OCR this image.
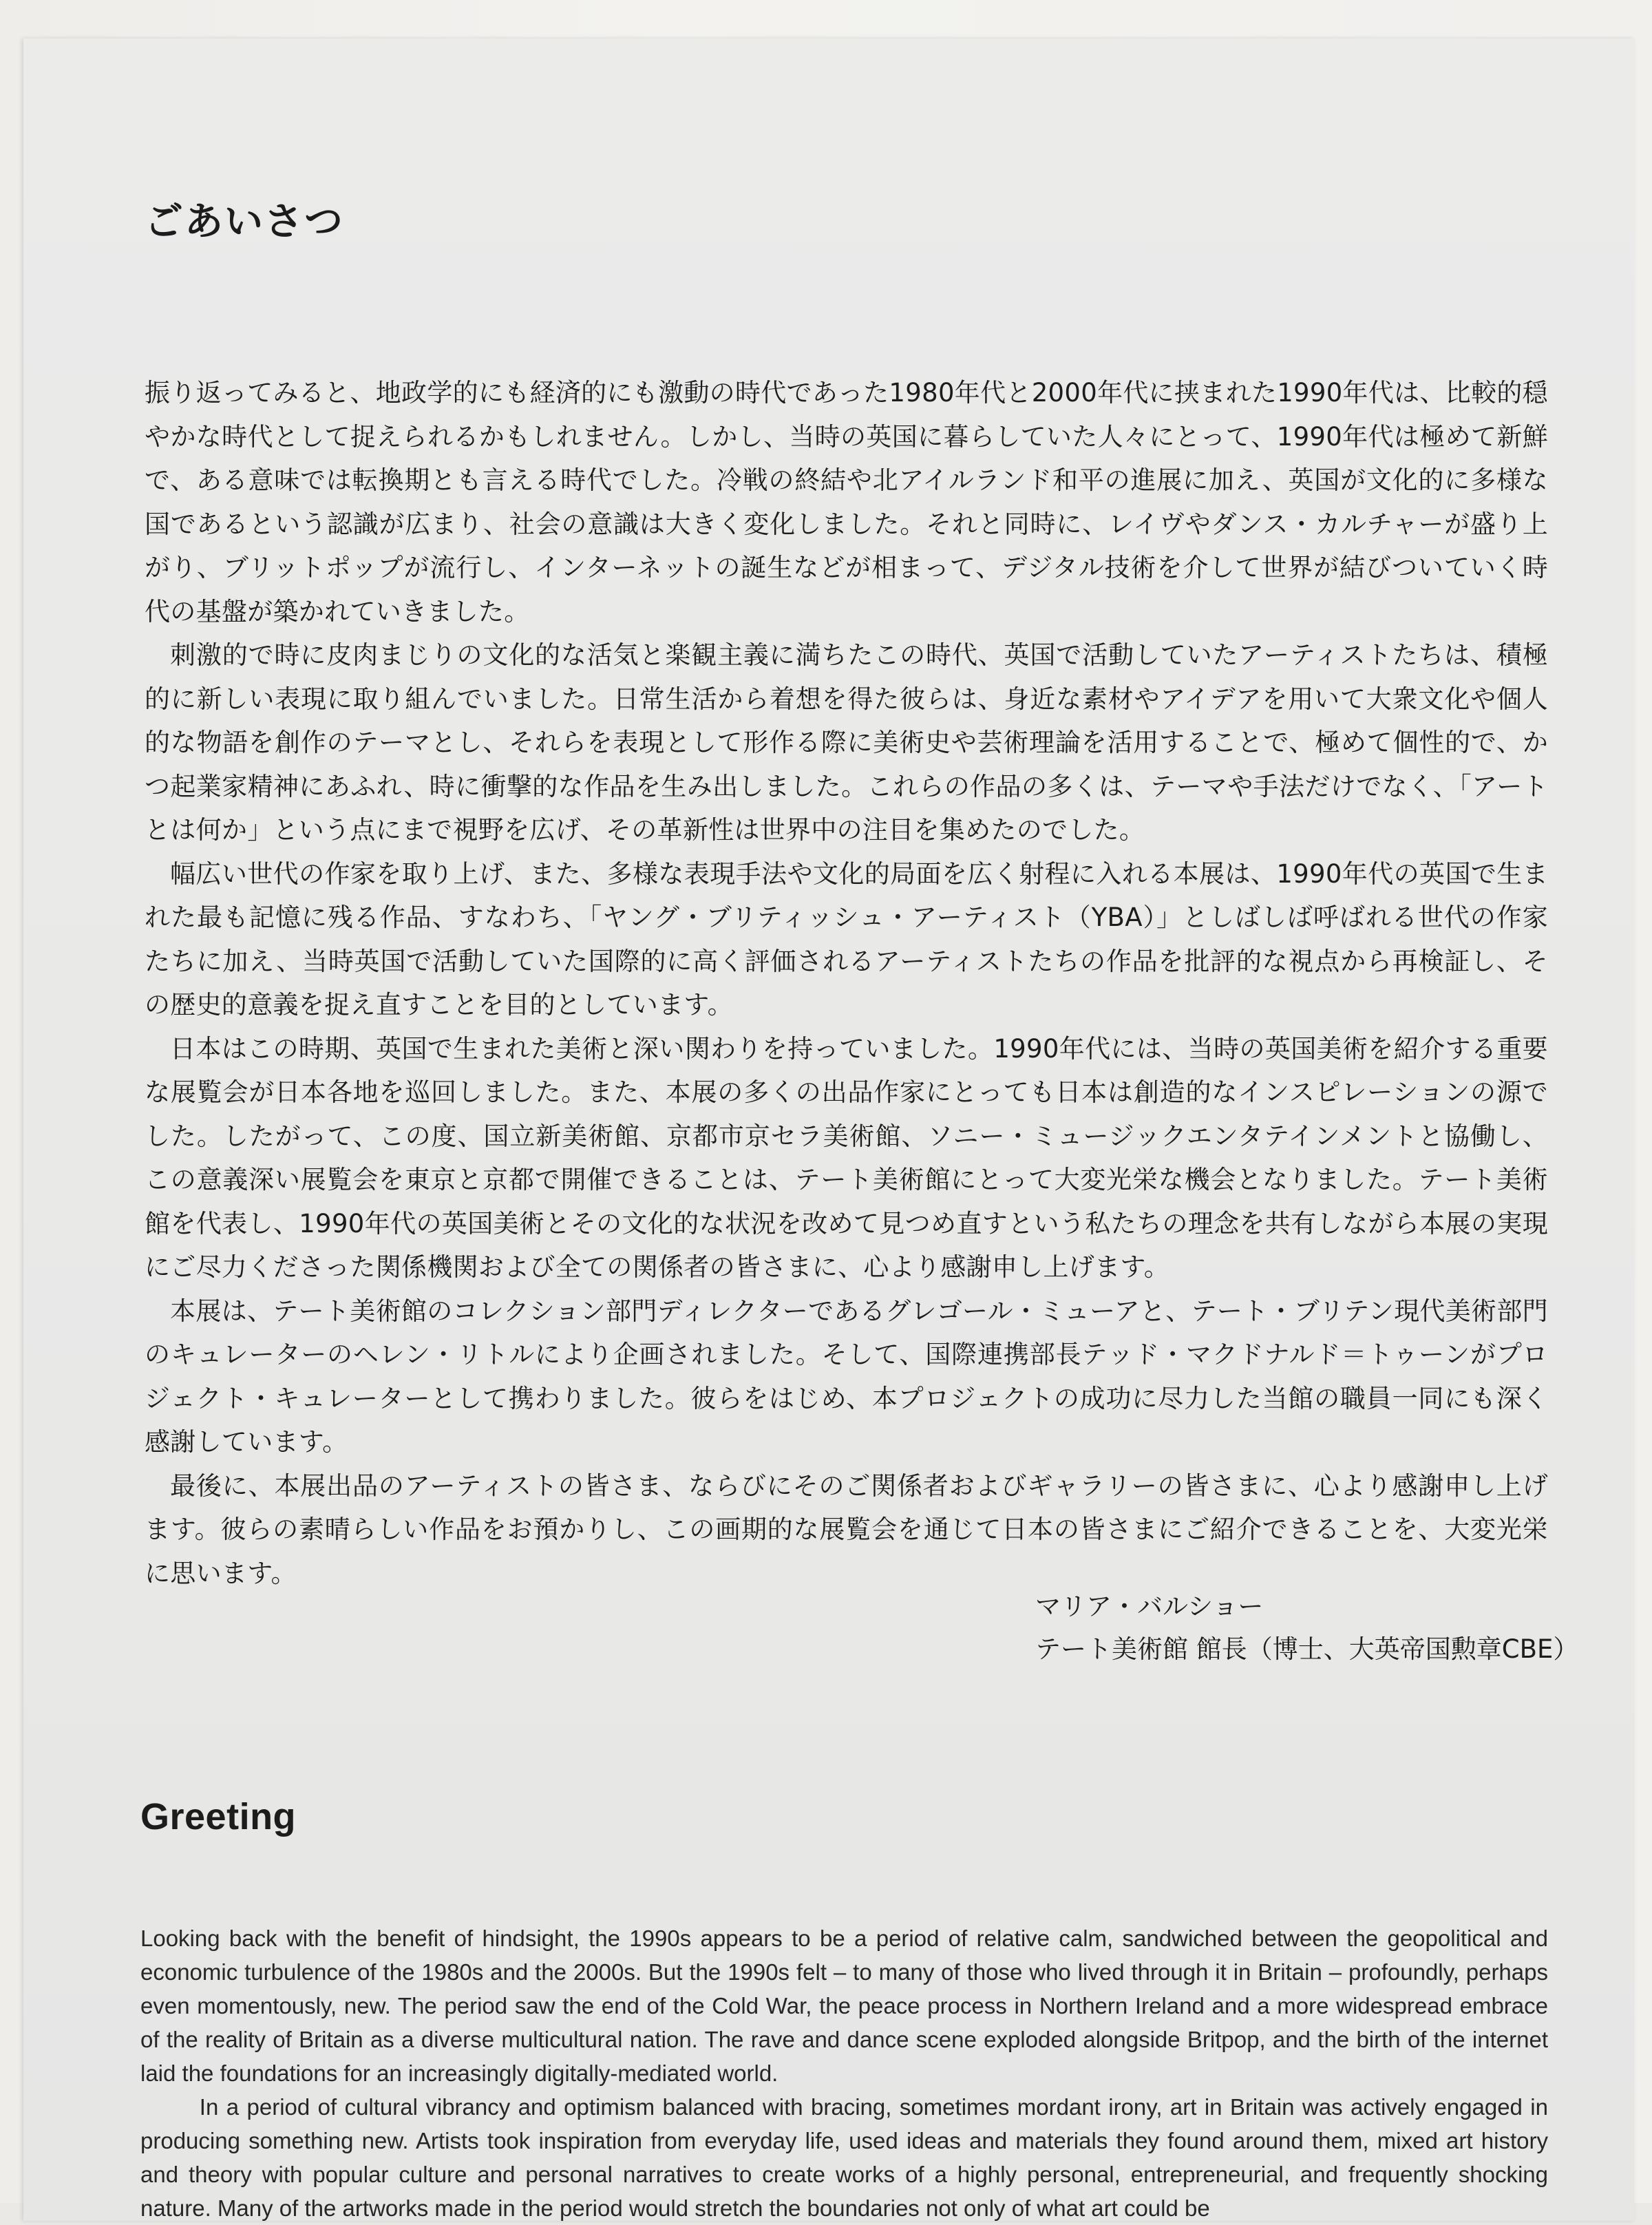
ごあいさつ

振り返ってみると、地政学的にも経済的にも激動の時代であった1980年代と2000年代に挟まれた1990年代は、比較的穏やかな時代として捉えられるかもしれません。しかし、当時の英国に暮らしていた人々にとって、1990年代は極めて新鮮で、ある意味では転換期とも言える時代でした。冷戦の終結や北アイルランド和平の進展に加え、英国が文化的に多様な国であるという認識が広まり、社会の意識は大きく変化しました。それと同時に、レイヴやダンス・カルチャーが盛り上がり、ブリットポップが流行し、インターネットの誕生などが相まって、デジタル技術を介して世界が結びついていく時代の基盤が築かれていきました。

刺激的で時に皮肉まじりの文化的な活気と楽観主義に満ちたこの時代、英国で活動していたアーティストたちは、積極的に新しい表現に取り組んでいました。日常生活から着想を得た彼らは、身近な素材やアイデアを用いて大衆文化や個人的な物語を創作のテーマとし、それらを表現として形作る際に美術史や芸術理論を活用することで、極めて個性的で、かつ起業家精神にあふれ、時に衝撃的な作品を生み出しました。これらの作品の多くは、テーマや手法だけでなく、「アートとは何か」という点にまで視野を広げ、その革新性は世界中の注目を集めたのでした。

幅広い世代の作家を取り上げ、また、多様な表現手法や文化的局面を広く射程に入れる本展は、1990年代の英国で生まれた最も記憶に残る作品、すなわち、「ヤング・ブリティッシュ・アーティスト（YBA）」としばしば呼ばれる世代の作家たちに加え、当時英国で活動していた国際的に高く評価されるアーティストたちの作品を批評的な視点から再検証し、その歴史的意義を捉え直すことを目的としています。

日本はこの時期、英国で生まれた美術と深い関わりを持っていました。1990年代には、当時の英国美術を紹介する重要な展覧会が日本各地を巡回しました。また、本展の多くの出品作家にとっても日本は創造的なインスピレーションの源でした。したがって、この度、国立新美術館、京都市京セラ美術館、ソニー・ミュージックエンタテインメントと協働し、この意義深い展覧会を東京と京都で開催できることは、テート美術館にとって大変光栄な機会となりました。テート美術館を代表し、1990年代の英国美術とその文化的な状況を改めて見つめ直すという私たちの理念を共有しながら本展の実現にご尽力くださった関係機関および全ての関係者の皆さまに、心より感謝申し上げます。

本展は、テート美術館のコレクション部門ディレクターであるグレゴール・ミューアと、テート・ブリテン現代美術部門のキュレーターのヘレン・リトルにより企画されました。そして、国際連携部長テッド・マクドナルド＝トゥーンがプロジェクト・キュレーターとして携わりました。彼らをはじめ、本プロジェクトの成功に尽力した当館の職員一同にも深く感謝しています。

最後に、本展出品のアーティストの皆さま、ならびにそのご関係者およびギャラリーの皆さまに、心より感謝申し上げます。彼らの素晴らしい作品をお預かりし、この画期的な展覧会を通じて日本の皆さまにご紹介できることを、大変光栄に思います。

マリア・バルショー
テート美術館 館長（博士、大英帝国勲章CBE）
Greeting

Looking back with the benefit of hindsight, the 1990s appears to be a period of relative calm, sandwiched between the geopolitical and economic turbulence of the 1980s and the 2000s. But the 1990s felt – to many of those who lived through it in Britain – profoundly, perhaps even momentously, new. The period saw the end of the Cold War, the peace process in Northern Ireland and a more widespread embrace of the reality of Britain as a diverse multicultural nation. The rave and dance scene exploded alongside Britpop, and the birth of the internet laid the foundations for an increasingly digitally-mediated world.

In a period of cultural vibrancy and optimism balanced with bracing, sometimes mordant irony, art in Britain was actively engaged in producing something new. Artists took inspiration from everyday life, used ideas and materials they found around them, mixed art history and theory with popular culture and personal narratives to create works of a highly personal, entrepreneurial, and frequently shocking nature. Many of the artworks made in the period would stretch the boundaries not only of what art could be
